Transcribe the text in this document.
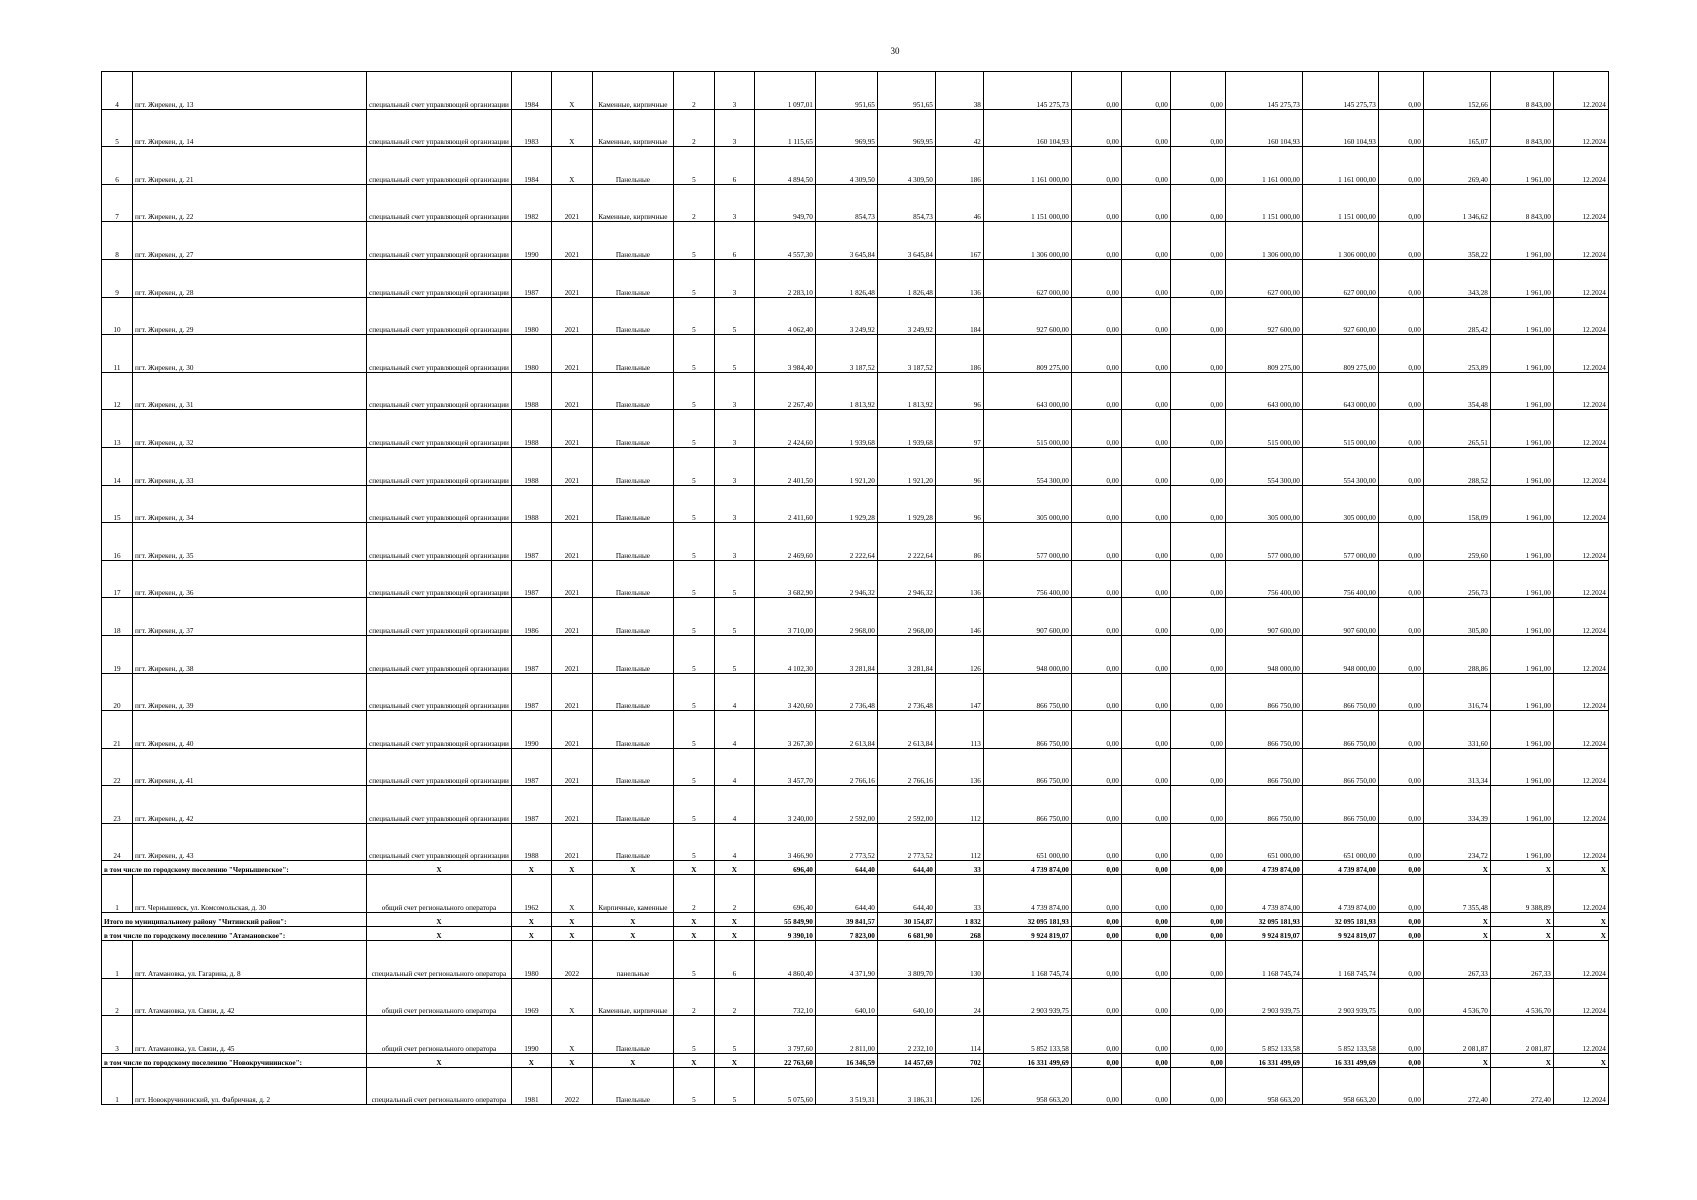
30
4	пгт. Жирекен, д. 13	специальный счет управляющей организации	1984	X	Каменные, кирпичные	2	3	1 097,01	951,65	951,65	38	145 275,73	0,00	0,00	0,00	145 275,73	145 275,73	0,00	152,66	8 843,00	12.2024
5	пгт. Жирекен, д. 14	специальный счет управляющей организации	1983	X	Каменные, кирпичные	2	3	1 115,65	969,95	969,95	42	160 104,93	0,00	0,00	0,00	160 104,93	160 104,93	0,00	165,07	8 843,00	12.2024
6	пгт. Жирекен, д. 21	специальный счет управляющей организации	1984	X	Панельные	5	6	4 894,50	4 309,50	4 309,50	186	1 161 000,00	0,00	0,00	0,00	1 161 000,00	1 161 000,00	0,00	269,40	1 961,00	12.2024
7	пгт. Жирекен, д. 22	специальный счет управляющей организации	1982	2021	Каменные, кирпичные	2	3	949,70	854,73	854,73	46	1 151 000,00	0,00	0,00	0,00	1 151 000,00	1 151 000,00	0,00	1 346,62	8 843,00	12.2024
8	пгт. Жирекен, д. 27	специальный счет управляющей организации	1990	2021	Панельные	5	6	4 557,30	3 645,84	3 645,84	167	1 306 000,00	0,00	0,00	0,00	1 306 000,00	1 306 000,00	0,00	358,22	1 961,00	12.2024
9	пгт. Жирекен, д. 28	специальный счет управляющей организации	1987	2021	Панельные	5	3	2 283,10	1 826,48	1 826,48	136	627 000,00	0,00	0,00	0,00	627 000,00	627 000,00	0,00	343,28	1 961,00	12.2024
10	пгт. Жирекен, д. 29	специальный счет управляющей организации	1980	2021	Панельные	5	5	4 062,40	3 249,92	3 249,92	184	927 600,00	0,00	0,00	0,00	927 600,00	927 600,00	0,00	285,42	1 961,00	12.2024
11	пгт. Жирекен, д. 30	специальный счет управляющей организации	1980	2021	Панельные	5	5	3 984,40	3 187,52	3 187,52	186	809 275,00	0,00	0,00	0,00	809 275,00	809 275,00	0,00	253,89	1 961,00	12.2024
12	пгт. Жирекен, д. 31	специальный счет управляющей организации	1988	2021	Панельные	5	3	2 267,40	1 813,92	1 813,92	96	643 000,00	0,00	0,00	0,00	643 000,00	643 000,00	0,00	354,48	1 961,00	12.2024
13	пгт. Жирекен, д. 32	специальный счет управляющей организации	1988	2021	Панельные	5	3	2 424,60	1 939,68	1 939,68	97	515 000,00	0,00	0,00	0,00	515 000,00	515 000,00	0,00	265,51	1 961,00	12.2024
14	пгт. Жирекен, д. 33	специальный счет управляющей организации	1988	2021	Панельные	5	3	2 401,50	1 921,20	1 921,20	96	554 300,00	0,00	0,00	0,00	554 300,00	554 300,00	0,00	288,52	1 961,00	12.2024
15	пгт. Жирекен, д. 34	специальный счет управляющей организации	1988	2021	Панельные	5	3	2 411,60	1 929,28	1 929,28	96	305 000,00	0,00	0,00	0,00	305 000,00	305 000,00	0,00	158,09	1 961,00	12.2024
16	пгт. Жирекен, д. 35	специальный счет управляющей организации	1987	2021	Панельные	5	3	2 469,60	2 222,64	2 222,64	86	577 000,00	0,00	0,00	0,00	577 000,00	577 000,00	0,00	259,60	1 961,00	12.2024
17	пгт. Жирекен, д. 36	специальный счет управляющей организации	1987	2021	Панельные	5	5	3 682,90	2 946,32	2 946,32	136	756 400,00	0,00	0,00	0,00	756 400,00	756 400,00	0,00	256,73	1 961,00	12.2024
18	пгт. Жирекен, д. 37	специальный счет управляющей организации	1986	2021	Панельные	5	5	3 710,00	2 968,00	2 968,00	146	907 600,00	0,00	0,00	0,00	907 600,00	907 600,00	0,00	305,80	1 961,00	12.2024
19	пгт. Жирекен, д. 38	специальный счет управляющей организации	1987	2021	Панельные	5	5	4 102,30	3 281,84	3 281,84	126	948 000,00	0,00	0,00	0,00	948 000,00	948 000,00	0,00	288,86	1 961,00	12.2024
20	пгт. Жирекен, д. 39	специальный счет управляющей организации	1987	2021	Панельные	5	4	3 420,60	2 736,48	2 736,48	147	866 750,00	0,00	0,00	0,00	866 750,00	866 750,00	0,00	316,74	1 961,00	12.2024
21	пгт. Жирекен, д. 40	специальный счет управляющей организации	1990	2021	Панельные	5	4	3 267,30	2 613,84	2 613,84	113	866 750,00	0,00	0,00	0,00	866 750,00	866 750,00	0,00	331,60	1 961,00	12.2024
22	пгт. Жирекен, д. 41	специальный счет управляющей организации	1987	2021	Панельные	5	4	3 457,70	2 766,16	2 766,16	136	866 750,00	0,00	0,00	0,00	866 750,00	866 750,00	0,00	313,34	1 961,00	12.2024
23	пгт. Жирекен, д. 42	специальный счет управляющей организации	1987	2021	Панельные	5	4	3 240,00	2 592,00	2 592,00	112	866 750,00	0,00	0,00	0,00	866 750,00	866 750,00	0,00	334,39	1 961,00	12.2024
24	пгт. Жирекен, д. 43	специальный счет управляющей организации	1988	2021	Панельные	5	4	3 466,90	2 773,52	2 773,52	112	651 000,00	0,00	0,00	0,00	651 000,00	651 000,00	0,00	234,72	1 961,00	12.2024
в том числе по городскому поселению "Чернышевское":		X	X	X	X	X	X	696,40	644,40	644,40	33	4 739 874,00	0,00	0,00	0,00	4 739 874,00	4 739 874,00	0,00	X	X	X
1	пгт. Чернышевск, ул. Комсомольская, д. 30	общий счет регионального оператора	1962	X	Кирпичные, каменные	2	2	696,40	644,40	644,40	33	4 739 874,00	0,00	0,00	0,00	4 739 874,00	4 739 874,00	0,00	7 355,48	9 388,89	12.2024
Итого по муниципальному району "Читинский район":		X	X	X	X	X	X	55 849,90	39 841,57	30 154,87	1 832	32 095 181,93	0,00	0,00	0,00	32 095 181,93	32 095 181,93	0,00	X	X	X
в том числе по городскому поселению "Атамановское":		X	X	X	X	X	X	9 390,10	7 823,00	6 681,90	268	9 924 819,07	0,00	0,00	0,00	9 924 819,07	9 924 819,07	0,00	X	X	X
1	пгт. Атамановка, ул. Гагарина, д. 8	специальный счет регионального оператора	1980	2022	панельные	5	6	4 860,40	4 371,90	3 809,70	130	1 168 745,74	0,00	0,00	0,00	1 168 745,74	1 168 745,74	0,00	267,33	267,33	12.2024
2	пгт. Атамановка, ул. Связи, д. 42	общий счет регионального оператора	1969	X	Каменные, кирпичные	2	2	732,10	640,10	640,10	24	2 903 939,75	0,00	0,00	0,00	2 903 939,75	2 903 939,75	0,00	4 536,70	4 536,70	12.2024
3	пгт. Атамановка, ул. Связи, д. 45	общий счет регионального оператора	1990	X	Панельные	5	5	3 797,60	2 811,00	2 232,10	114	5 852 133,58	0,00	0,00	0,00	5 852 133,58	5 852 133,58	0,00	2 081,87	2 081,87	12.2024
в том числе по городскому поселению "Новокручининское":		X	X	X	X	X	X	22 763,60	16 346,59	14 457,69	702	16 331 499,69	0,00	0,00	0,00	16 331 499,69	16 331 499,69	0,00	X	X	X
1	пгт. Новокручининский, ул. Фабричная, д. 2	специальный счет регионального оператора	1981	2022	Панельные	5	5	5 075,60	3 519,31	3 186,31	126	958 663,20	0,00	0,00	0,00	958 663,20	958 663,20	0,00	272,40	272,40	12.2024
